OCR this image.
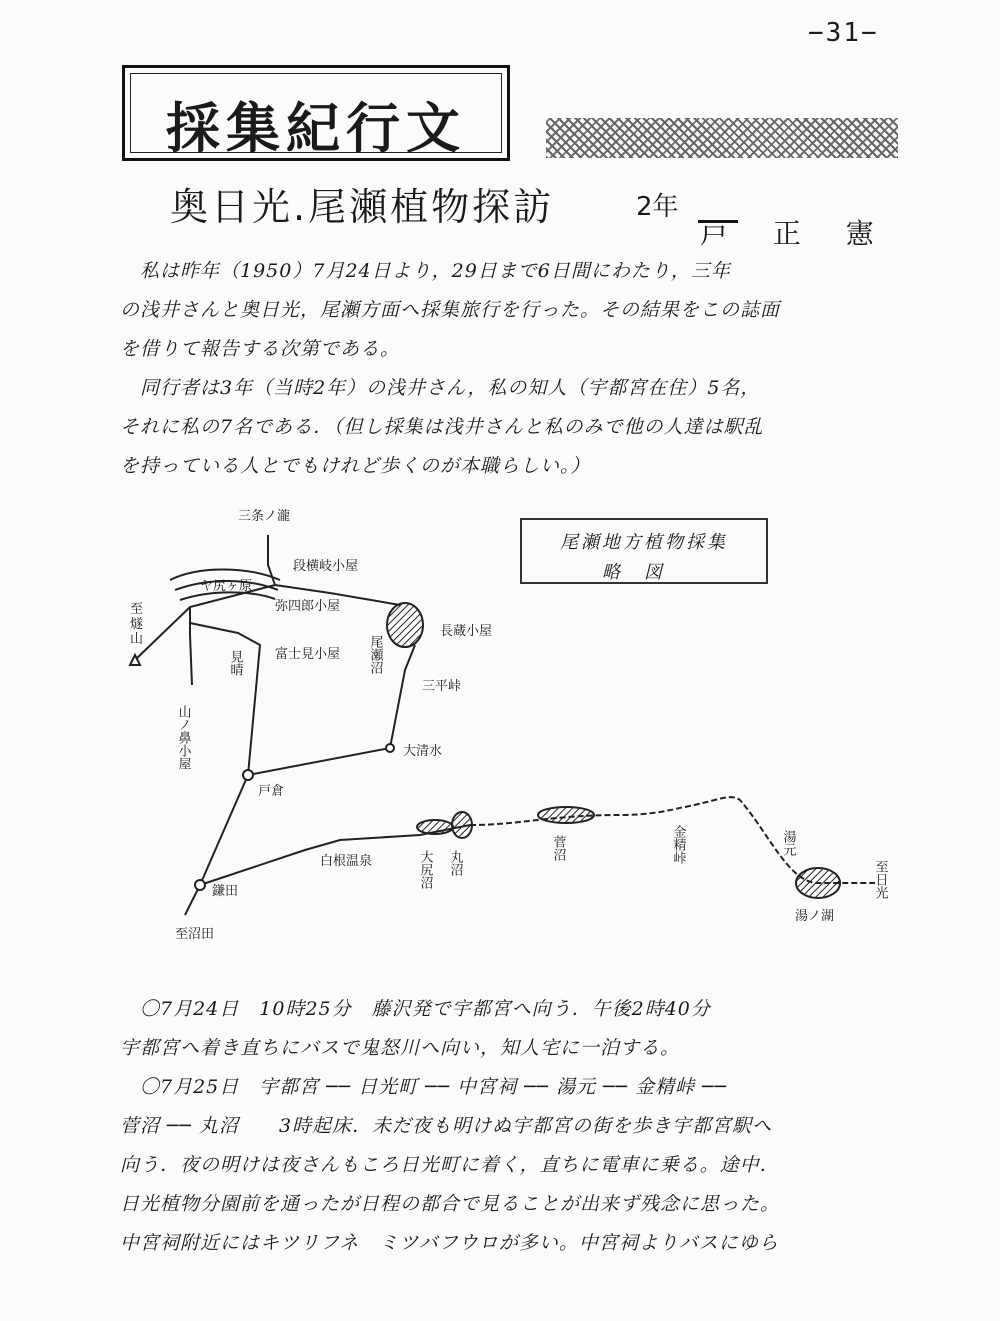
−31−
採集紀行文
奥日光.尾瀬植物探訪	2年
戸 正 憲
私は昨年（1950）7月24日より，29日まで6日間にわたり，三年
の浅井さんと奥日光，尾瀬方面へ採集旅行を行った。その結果をこの誌面
を借りて報告する次第である。
同行者は3年（当時2年）の浅井さん，私の知人（宇都宮在住）5名，
それに私の7名である．（但し採集は浅井さんと私のみで他の人達は駅乱
を持っている人とでもけれど歩くのが本職らしい。）
尾瀬地方植物採集
略図
三条ノ瀧
段横岐小屋
ヤ尻ヶ原
弥四郎小屋
至
燧
山
山ノ鼻小屋
見晴	富士見小屋 尾瀬沼
長蔵小屋
三平峠
大清水
戸倉
白根温泉
鎌田
至沼田
大尻沼 丸沼
菅沼	金精峠	湯元
湯ノ湖
至日光
〇7月24日　10時25分　藤沢発で宇都宮へ向う．午後2時40分
宇都宮へ着き直ちにバスで鬼怒川へ向い，知人宅に一泊する。
〇7月25日　宇都宮 ── 日光町 ── 中宮祠 ── 湯元 ── 金精峠 ──
菅沼 ── 丸沼　　3時起床．未だ夜も明けぬ宇都宮の街を歩き宇都宮駅へ
向う．夜の明けは夜さんもころ日光町に着く，直ちに電車に乗る。途中．
日光植物分園前を通ったが日程の都合で見ることが出来ず残念に思った。
中宮祠附近にはキツリフネ　ミツバフウロが多い。中宮祠よりバスにゆら
